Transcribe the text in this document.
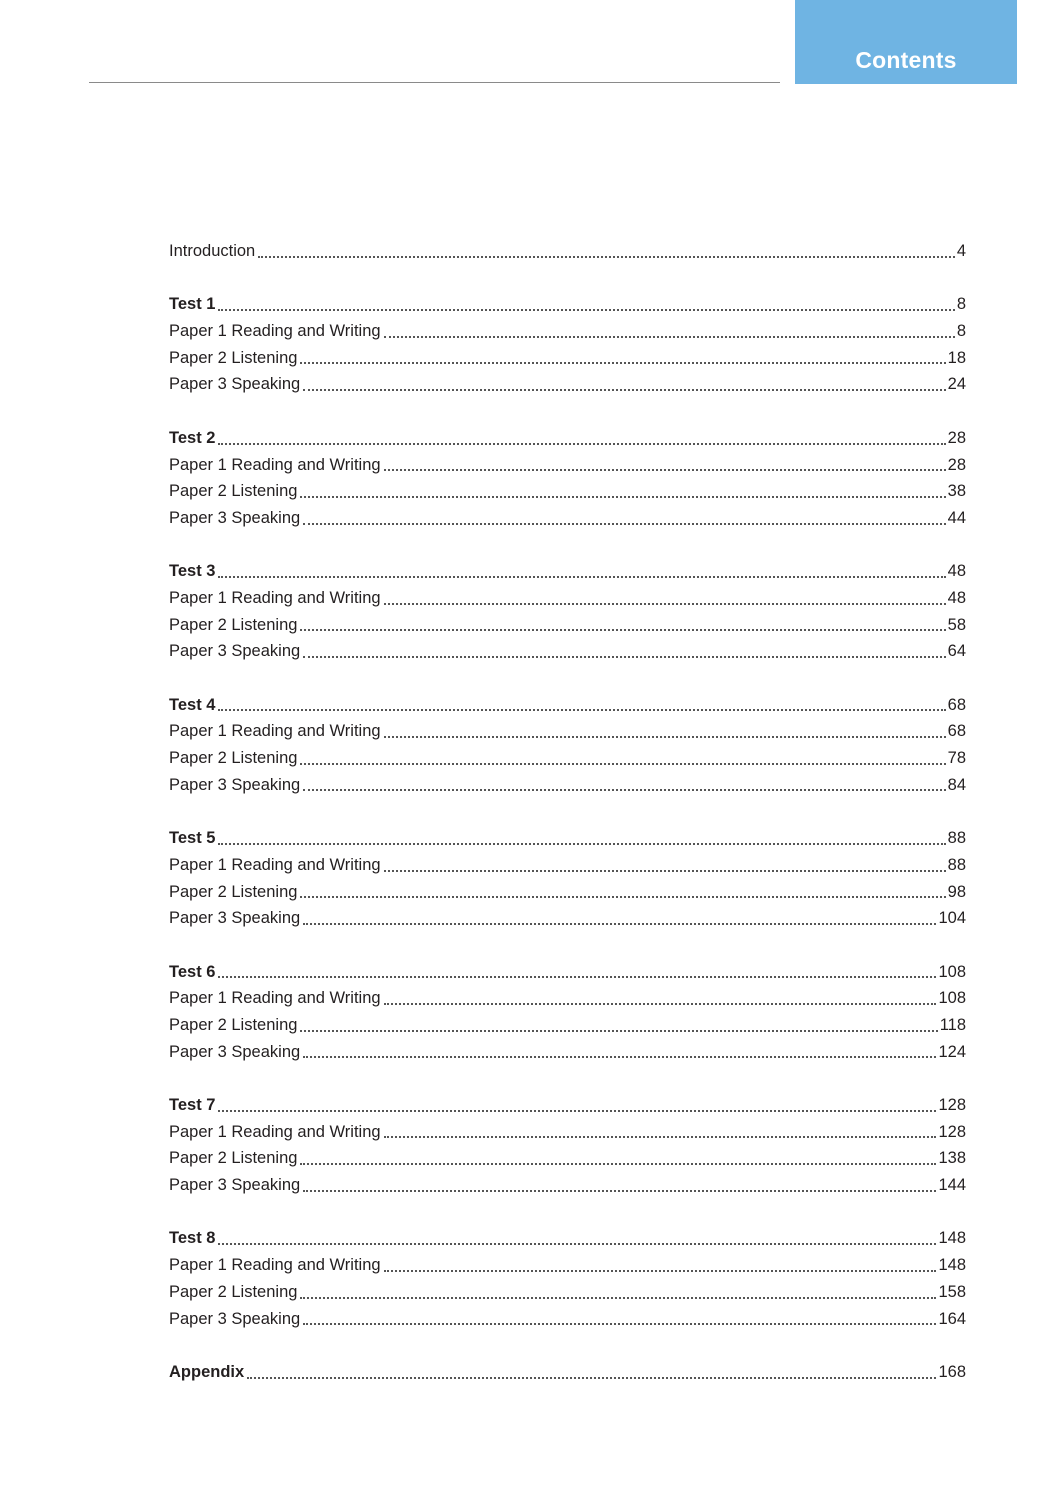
Contents
Introduction	4
Test 1	8
Paper 1 Reading and Writing	8
Paper 2 Listening	18
Paper 3 Speaking	24
Test 2	28
Paper 1 Reading and Writing	28
Paper 2 Listening	38
Paper 3 Speaking	44
Test 3	48
Paper 1 Reading and Writing	48
Paper 2 Listening	58
Paper 3 Speaking	64
Test 4	68
Paper 1 Reading and Writing	68
Paper 2 Listening	78
Paper 3 Speaking	84
Test 5	88
Paper 1 Reading and Writing	88
Paper 2 Listening	98
Paper 3 Speaking	104
Test 6	108
Paper 1 Reading and Writing	108
Paper 2 Listening	118
Paper 3 Speaking	124
Test 7	128
Paper 1 Reading and Writing	128
Paper 2 Listening	138
Paper 3 Speaking	144
Test 8	148
Paper 1 Reading and Writing	148
Paper 2 Listening	158
Paper 3 Speaking	164
Appendix	168
